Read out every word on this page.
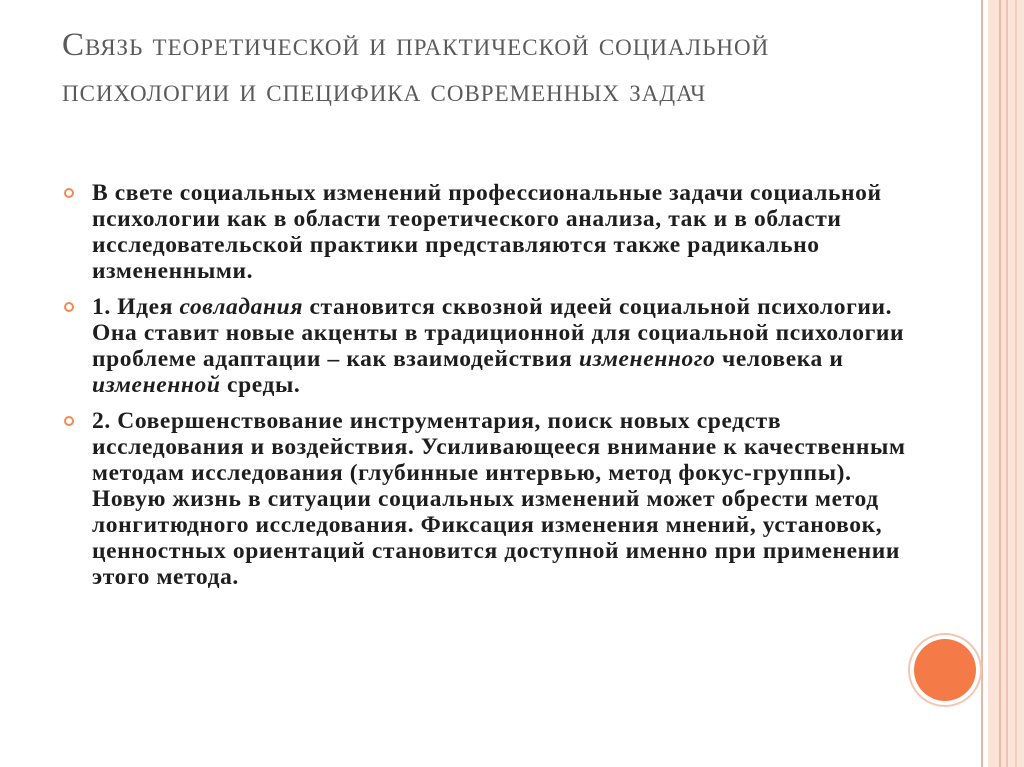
Связь теоретической и практической социальной психологии и специфика современных задач
В свете социальных изменений профессиональные задачи социальной психологии как в области теоретического анализа, так и в области исследовательской практики представляются также радикально измененными.
1. Идея совладания становится сквозной идеей социальной психологии. Она ставит новые акценты в традиционной для социальной психологии проблеме адаптации – как взаимодействия измененного человека и измененной среды.
2. Совершенствование инструментария, поиск новых средств исследования и воздействия. Усиливающееся внимание к качественным методам исследования (глубинные интервью, метод фокус-группы). Новую жизнь в ситуации социальных изменений может обрести метод лонгитюдного исследования. Фиксация изменения мнений, установок, ценностных ориентаций становится доступной именно при применении этого метода.
